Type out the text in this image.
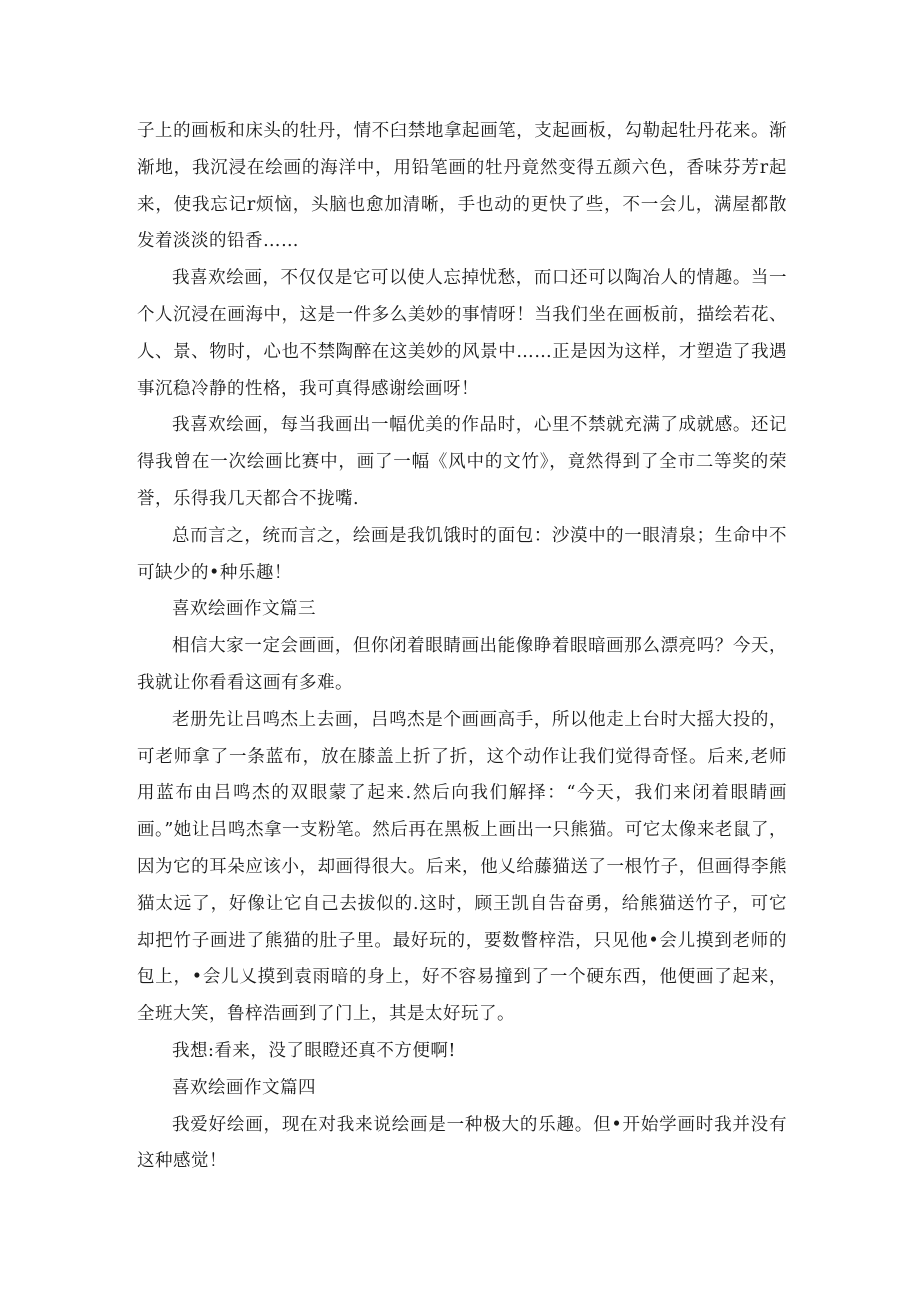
子上的画板和床头的牡丹，情不臼禁地拿起画笔，支起画板，勾勒起牡丹花来。渐渐地，我沉浸在绘画的海洋中，用铅笔画的牡丹竟然变得五颜六色，香味芬芳r起来，使我忘记r烦恼，头脑也愈加清晰，手也动的更快了些，不一会儿，满屋都散发着淡淡的铅香……

我喜欢绘画，不仅仅是它可以使人忘掉忧愁，而口还可以陶冶人的情趣。当一个人沉浸在画海中，这是一件多么美妙的事情呀！当我们坐在画板前，描绘若花、人、景、物时，心也不禁陶醉在这美妙的风景中……正是因为这样，才塑造了我遇事沉稳冷静的性格，我可真得感谢绘画呀！

我喜欢绘画，每当我画出一幅优美的作品时，心里不禁就充满了成就感。还记得我曾在一次绘画比赛中，画了一幅《风中的文竹》，竟然得到了全市二等奖的荣誉，乐得我几天都合不拢嘴.

总而言之，统而言之，绘画是我饥饿时的面包：沙漠中的一眼清泉；生命中不可缺少的•种乐趣！

喜欢绘画作文篇三

相信大家一定会画画，但你闭着眼睛画出能像睁着眼暗画那么漂亮吗？今天，我就让你看看这画有多难。

老册先让吕鸣杰上去画，吕鸣杰是个画画高手，所以他走上台时大摇大投的，可老师拿了一条蓝布，放在膝盖上折了折，这个动作让我们觉得奇怪。后来,老师用蓝布由吕鸣杰的双眼蒙了起来.然后向我们解择：“今天，我们来闭着眼睛画画。”她让吕鸣杰拿一支粉笔。然后再在黑板上画出一只熊猫。可它太像来老鼠了，因为它的耳朵应该小，却画得很大。后来，他乂给藤猫送了一根竹子，但画得李熊猫太远了，好像让它自己去拔似的.这时，顾王凯自告奋勇，给熊猫送竹子，可它却把竹子画进了熊猫的肚子里。最好玩的，要数瞥梓浩，只见他•会儿摸到老师的包上，•会儿乂摸到袁雨暗的身上，好不容易撞到了一个硬东西，他便画了起来，全班大笑，鲁梓浩画到了门上，其是太好玩了。

我想:看来，没了眼瞪还真不方便啊!

喜欢绘画作文篇四

我爱好绘画，现在对我来说绘画是一种极大的乐趣。但•开始学画时我并没有这种感觉！
